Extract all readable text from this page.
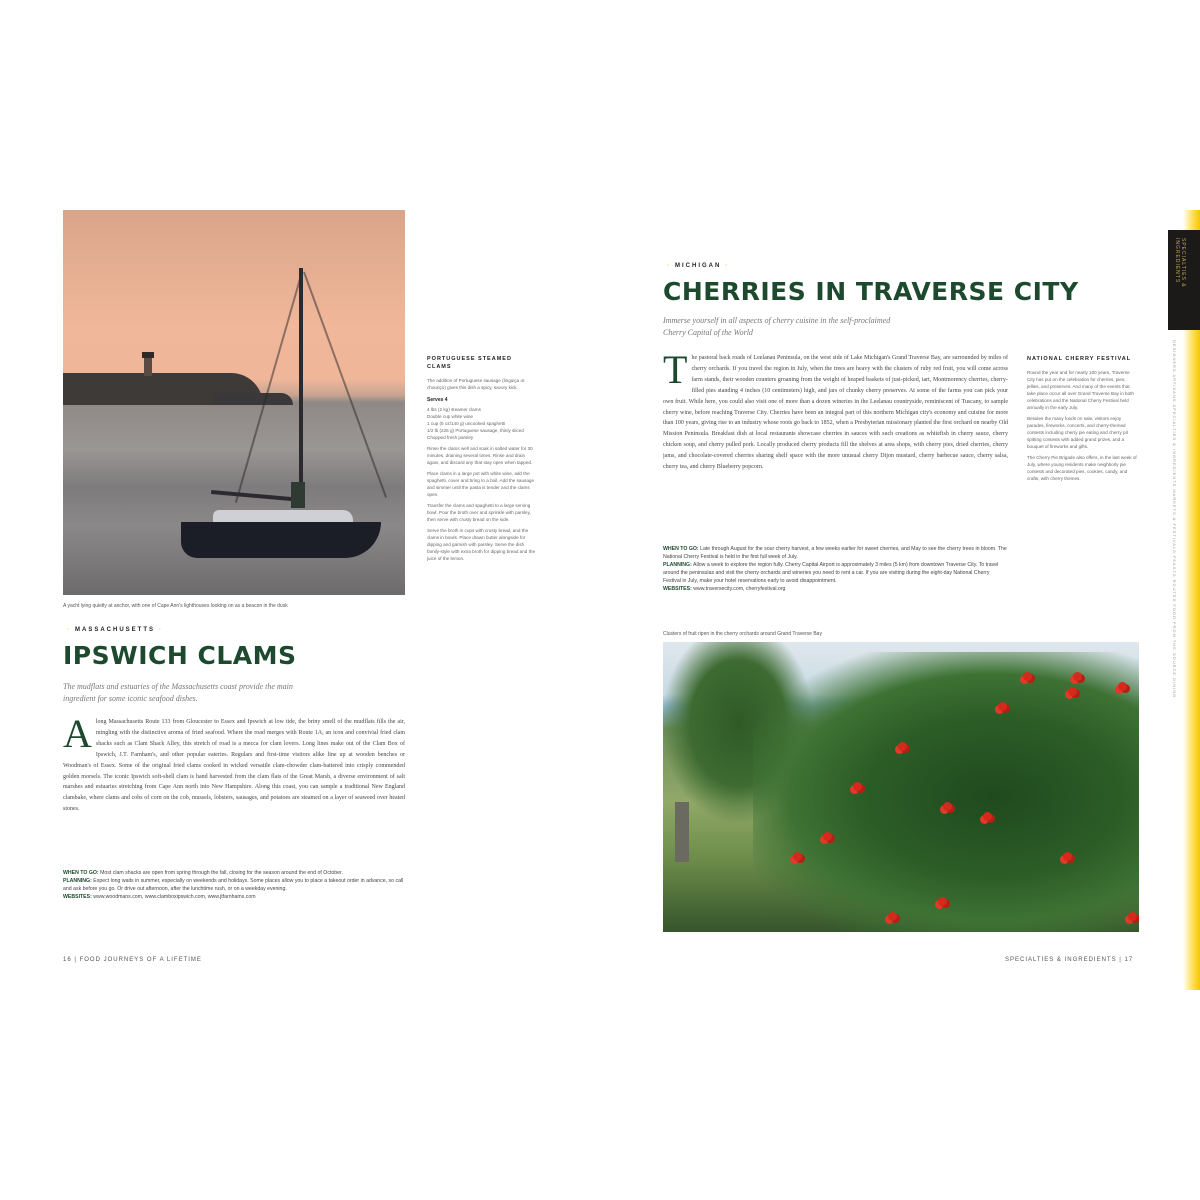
A yacht lying quietly at anchor, with one of Cape Ann's lighthouses looking on as a beacon in the dusk
· MASSACHUSETTS ·
IPSWICH CLAMS
The mudflats and estuaries of the Massachusetts coast provide the main ingredient for some iconic seafood dishes.
Along Massachusetts Route 133 from Gloucester to Essex and Ipswich at low tide, the briny smell of the mudflats fills the air, mingling with the distinctive aroma of fried seafood. Where the road merges with Route 1A, an icon and convivial fried clam shacks such as Clam Shack Alley, this stretch of road is a mecca for clam lovers. Long lines make out of the Clam Box of Ipswich, J.T. Farnham's, and other popular eateries. Regulars and first-time visitors alike line up at wooden benches or Woodman's of Essex. Some of the original fried clams cooked in wicked versatile clam-chowder clam-battered into crisply commended golden morsels. The iconic Ipswich soft-shell clam is hand harvested from the clam flats of the Great Marsh, a diverse environment of salt marshes and estuaries stretching from Cape Ann north into New Hampshire. Along this coast, you can sample a traditional New England clambake, where clams and cobs of corn on the cob, mussels, lobsters, sausages, and potatoes are steamed on a layer of seaweed over heated stones.
WHEN TO GO: Most clam shacks are open from spring through the fall, closing for the season around the end of October.
PLANNING: Expect long waits in summer, especially on weekends and holidays. Some places allow you to place a takeout order in advance, so call and ask before you go. Or drive out afternoon, after the lunchtime rush, or on a weekday evening.
WEBSITES: www.woodmans.com, www.clamboxipswich.com, www.jtfarnhams.com
PORTUGUESE STEAMED CLAMS

The addition of Portuguese sausage (linguiça or chouriço) gives this dish a spicy, savory kick.

Serves 4
4 lbs (2 kg) steamer clams
Double cup white wine
1 cup (5 oz/140 g) uncooked spaghetti
1/2 lb (225 g) Portuguese sausage, thinly sliced
Chopped fresh parsley

Rinse the clams well and soak in salted water for 30 minutes, draining several times. Rinse and drain again, and discard any that stay open when tapped.

Place clams in a large pot with white wine, add the spaghetti, cover and bring to a boil. Add the sausage and simmer until the pasta is tender and the clams open.

Transfer the clams and spaghetti to a large serving bowl. Pour the broth over and sprinkle with parsley, then serve with crusty bread on the side.

Serve the broth in cups with crusty bread, and the clams in bowls. Place drawn butter alongside for dipping and garnish with parsley. Serve the dish family-style with extra broth for dipping bread and the juice of the lemon.

16 | FOOD JOURNEYS OF A LIFETIME
· MICHIGAN ·
CHERRIES IN TRAVERSE CITY
Immerse yourself in all aspects of cherry cuisine in the self-proclaimed Cherry Capital of the World
The pastoral back roads of Leelanau Peninsula, on the west side of Lake Michigan's Grand Traverse Bay, are surrounded by miles of cherry orchards. If you travel the region in July, when the trees are heavy with the clusters of ruby red fruit, you will come across farm stands, their wooden counters groaning from the weight of heaped baskets of just-picked, tart, Montmorency cherries, cherry-filled pies standing 4 inches (10 centimeters) high, and jars of chunky cherry preserves. At some of the farms you can pick your own fruit. While here, you could also visit one of more than a dozen wineries in the Leelanau countryside, reminiscent of Tuscany, to sample cherry wine, before reaching Traverse City. Cherries have been an integral part of this northern Michigan city's economy and cuisine for more than 100 years, giving rise to an industry whose roots go back to 1852, when a Presbyterian missionary planted the first orchard on nearby Old Mission Peninsula. Breakfast dish at local restaurants showcase cherries in sauces with such creations as whitefish in cherry sauce, cherry chicken soup, and cherry pulled pork. Locally produced cherry products fill the shelves at area shops, with cherry pies, dried cherries, cherry jams, and chocolate-covered cherries sharing shelf space with the more unusual cherry Dijon mustard, cherry barbecue sauce, cherry salsa, cherry tea, and cherry Blueberry popcorn.
WHEN TO GO: Late through August for the sour cherry harvest, a few weeks earlier for sweet cherries, and May to see the cherry trees in bloom. The National Cherry Festival is held in the first full week of July.
PLANNING: Allow a week to explore the region fully. Cherry Capital Airport is approximately 3 miles (5 km) from downtown Traverse City. To travel around the peninsulas and visit the cherry orchards and wineries you need to rent a car. If you are visiting during the eight-day National Cherry Festival in July, make your hotel reservations early to avoid disappointment.
WEBSITES: www.traversecity.com, cherryfestival.org
Clusters of fruit ripen in the cherry orchards around Grand Traverse Bay
NATIONAL CHERRY FESTIVAL

Round the year and for nearly 100 years, Traverse City has put on the celebration for cherries, pies, jellies, and preserves. And many of the events that take place occur all over Grand Traverse Bay in both celebrations and the National Cherry Festival held annually in the early July.

Besides the many foods on sale, visitors enjoy parades, fireworks, concerts, and cherry-themed contests including cherry pie eating and cherry pit spitting contests with added grand prizes, and a bouquet of fireworks and gifts.

The Cherry Pie Brigade also offers, in the last week of July, where young residents make neighborly pie contests and decorated pies, cookies, candy, and crafts, with cherry themes.

SPECIALTIES & INGREDIENTS | 17
SPECIALTIES & INGREDIENTS
DESIGNERS ARTISANS SPECIALTIES & INGREDIENTS MARKETS & FESTIVALS FEASTS ROUTES FOOD FROM THE SOURCE DINING
